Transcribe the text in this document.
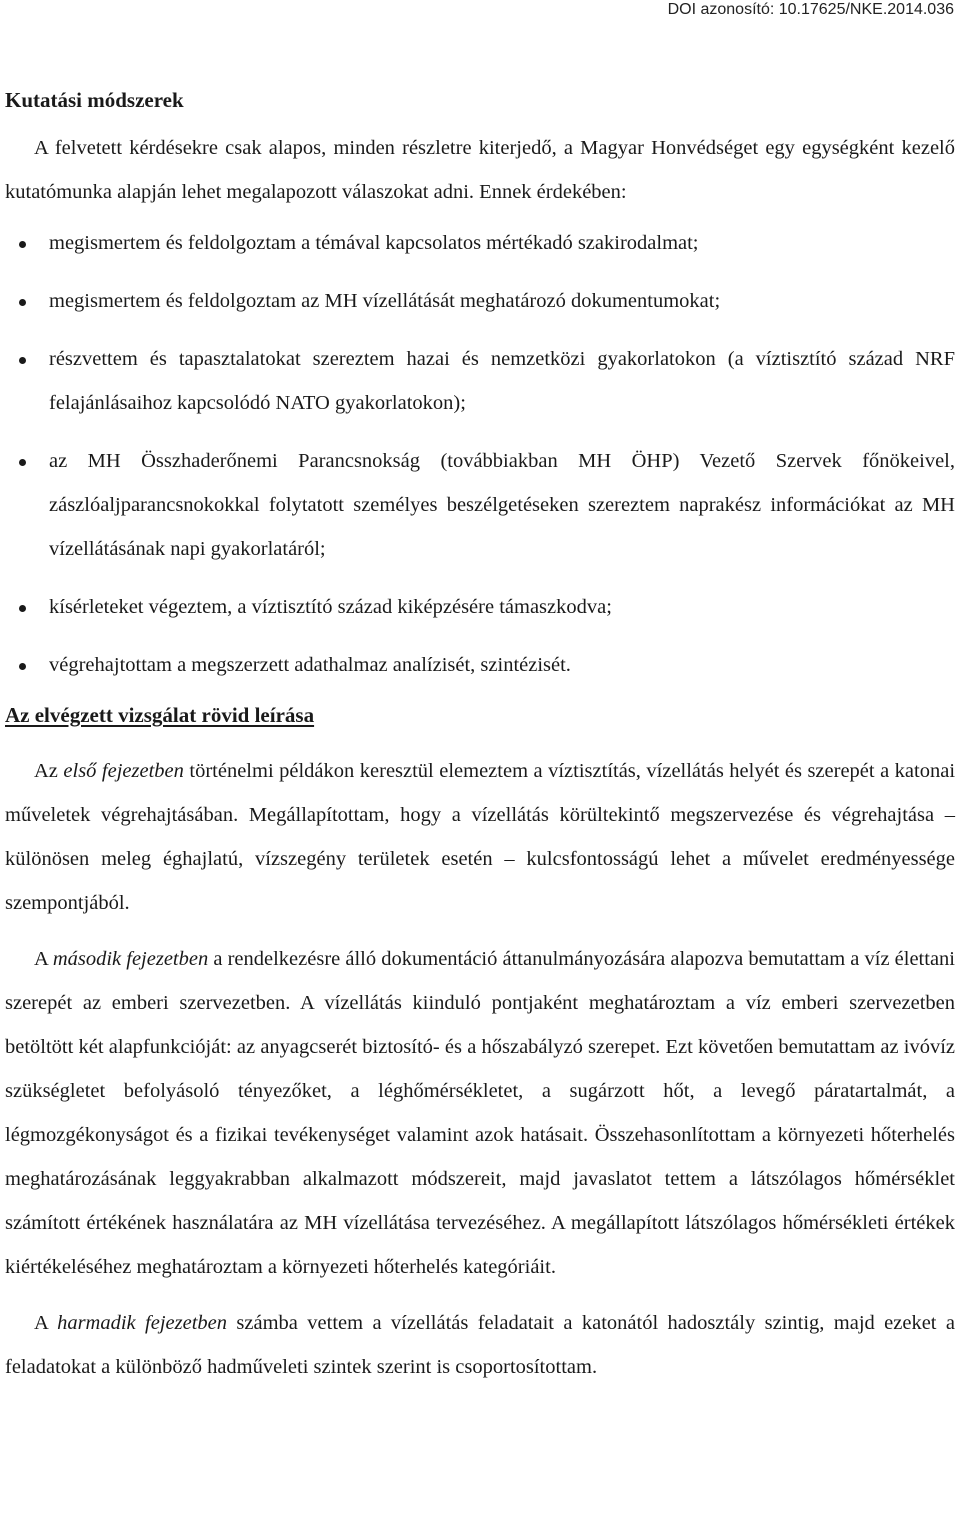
DOI azonosító: 10.17625/NKE.2014.036
Kutatási módszerek

A felvetett kérdésekre csak alapos, minden részletre kiterjedő, a Magyar Honvédséget egy egységként kezelő kutatómunka alapján lehet megalapozott válaszokat adni. Ennek érdekében:

megismertem és feldolgoztam a témával kapcsolatos mértékadó szakirodalmat;
megismertem és feldolgoztam az MH vízellátását meghatározó dokumentumokat;
részvettem és tapasztalatokat szereztem hazai és nemzetközi gyakorlatokon (a víztisztító század NRF felajánlásaihoz kapcsolódó NATO gyakorlatokon);
az MH Összhaderőnemi Parancsnokság (továbbiakban MH ÖHP) Vezető Szervek főnökeivel, zászlóaljparancsnokokkal folytatott személyes beszélgetéseken szereztem naprakész információkat az MH vízellátásának napi gyakorlatáról;
kísérleteket végeztem, a víztisztító század kiképzésére támaszkodva;
végrehajtottam a megszerzett adathalmaz analízisét, szintézisét.
Az elvégzett vizsgálat rövid leírása

Az első fejezetben történelmi példákon keresztül elemeztem a víztisztítás, vízellátás helyét és szerepét a katonai műveletek végrehajtásában. Megállapítottam, hogy a vízellátás körültekintő megszervezése és végrehajtása – különösen meleg éghajlatú, vízszegény területek esetén – kulcsfontosságú lehet a művelet eredményessége szempontjából.

A második fejezetben a rendelkezésre álló dokumentáció áttanulmányozására alapozva bemutattam a víz élettani szerepét az emberi szervezetben. A vízellátás kiinduló pontjaként meghatároztam a víz emberi szervezetben betöltött két alapfunkcióját: az anyagcserét biztosító- és a hőszabályzó szerepet. Ezt követően bemutattam az ivóvíz szükségletet befolyásoló tényezőket, a léghőmérsékletet, a sugárzott hőt, a levegő páratartalmát, a légmozgékonyságot és a fizikai tevékenységet valamint azok hatásait. Összehasonlítottam a környezeti hőterhelés meghatározásának leggyakrabban alkalmazott módszereit, majd javaslatot tettem a látszólagos hőmérséklet számított értékének használatára az MH vízellátása tervezéséhez. A megállapított látszólagos hőmérsékleti értékek kiértékeléséhez meghatároztam a környezeti hőterhelés kategóriáit.

A harmadik fejezetben számba vettem a vízellátás feladatait a katonától hadosztály szintig, majd ezeket a feladatokat a különböző hadműveleti szintek szerint is csoportosítottam.
